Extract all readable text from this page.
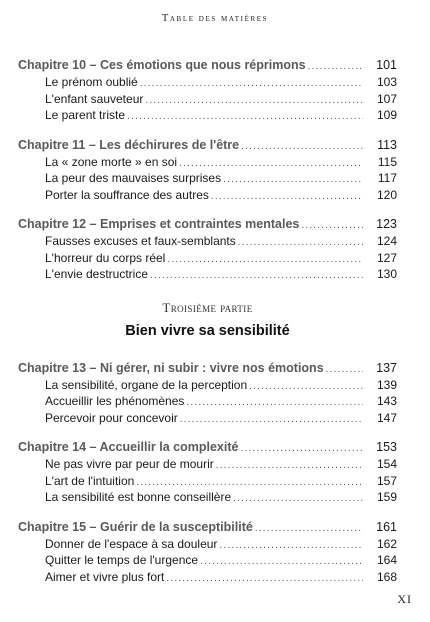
Table des matières
Chapitre 10 – Ces émotions que nous réprimons .....	101
Le prénom oublié .....	103
L'enfant sauveteur .....	107
Le parent triste .....	109
Chapitre 11 – Les déchirures de l'être .....	113
La « zone morte » en soi .....	115
La peur des mauvaises surprises .....	117
Porter la souffrance des autres .....	120
Chapitre 12 – Emprises et contraintes mentales .....	123
Fausses excuses et faux-semblants .....	124
L'horreur du corps réel .....	127
L'envie destructrice .....	130
Troisième partie
Bien vivre sa sensibilité
Chapitre 13 – Ni gérer, ni subir : vivre nos émotions .....	137
La sensibilité, organe de la perception .....	139
Accueillir les phénomènes .....	143
Percevoir pour concevoir .....	147
Chapitre 14 – Accueillir la complexité .....	153
Ne pas vivre par peur de mourir .....	154
L'art de l'intuition .....	157
La sensibilité est bonne conseillère .....	159
Chapitre 15 – Guérir de la susceptibilité .....	161
Donner de l'espace à sa douleur .....	162
Quitter le temps de l'urgence .....	164
Aimer et vivre plus fort .....	168
XI
